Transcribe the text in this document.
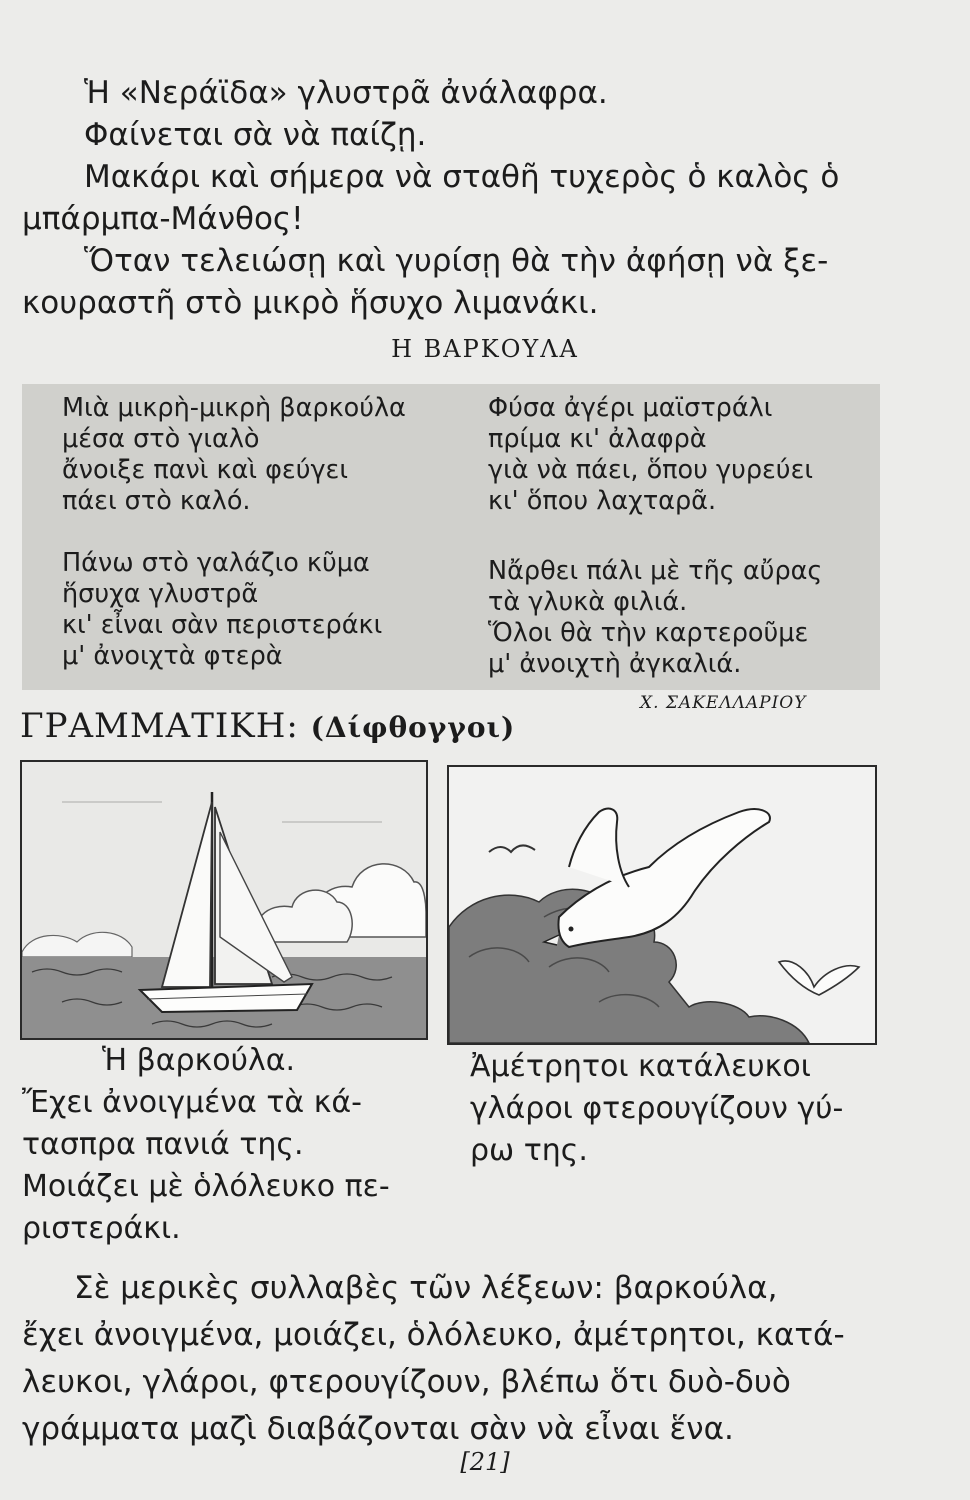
Ἡ «Νεράϊδα» γλυστρᾶ ἀνάλαφρα.

Φαίνεται σὰ νὰ παίζῃ.

Μακάρι καὶ σήμερα νὰ σταθῆ τυχερὸς ὁ καλὸς ὁ

μπάρμπα-Μάνθος!

Ὅταν τελειώσῃ καὶ γυρίσῃ θὰ τὴν ἀφήσῃ νὰ ξε-

κουραστῆ στὸ μικρὸ ἥσυχο λιμανάκι.

Η ΒΑΡΚΟΥΛΑ
Μιὰ μικρὴ-μικρὴ βαρκούλα
μέσα στὸ γιαλὸ
ἄνοιξε πανὶ καὶ φεύγει
πάει στὸ καλό.
Φύσα ἀγέρι μαϊστράλι
πρίμα κι' ἀλαφρὰ
γιὰ νὰ πάει, ὅπου γυρεύει
κι' ὅπου λαχταρᾶ.
Πάνω στὸ γαλάζιο κῦμα
ἥσυχα γλυστρᾶ
κι' εἶναι σὰν περιστεράκι
μ' ἀνοιχτὰ φτερὰ
Νἄρθει πάλι μὲ τῆς αὔρας
τὰ γλυκὰ φιλιά.
Ὅλοι θὰ τὴν καρτεροῦμε
μ' ἀνοιχτὴ ἀγκαλιά.
Χ. ΣΑΚΕΛΛΑΡΙΟΥ
ΓΡΑΜΜΑΤΙΚΗ: (Δίφθογγοι)
Ἡ βαρκούλα.
Ἔχει ἀνοιγμένα τὰ κά-
τασπρα πανιά της.
Μοιάζει μὲ ὁλόλευκο πε-
ριστεράκι.
Ἀμέτρητοι κατάλευκοι
γλάροι φτερουγίζουν γύ-
ρω της.
Σὲ μερικὲς συλλαβὲς τῶν λέξεων: βαρκούλα,
ἔχει ἀνοιγμένα, μοιάζει, ὁλόλευκο, ἀμέτρητοι, κατά-
λευκοι, γλάροι, φτερουγίζουν, βλέπω ὅτι δυὸ-δυὸ
γράμματα μαζὶ διαβάζονται σὰν νὰ εἶναι ἕνα.
[21]
